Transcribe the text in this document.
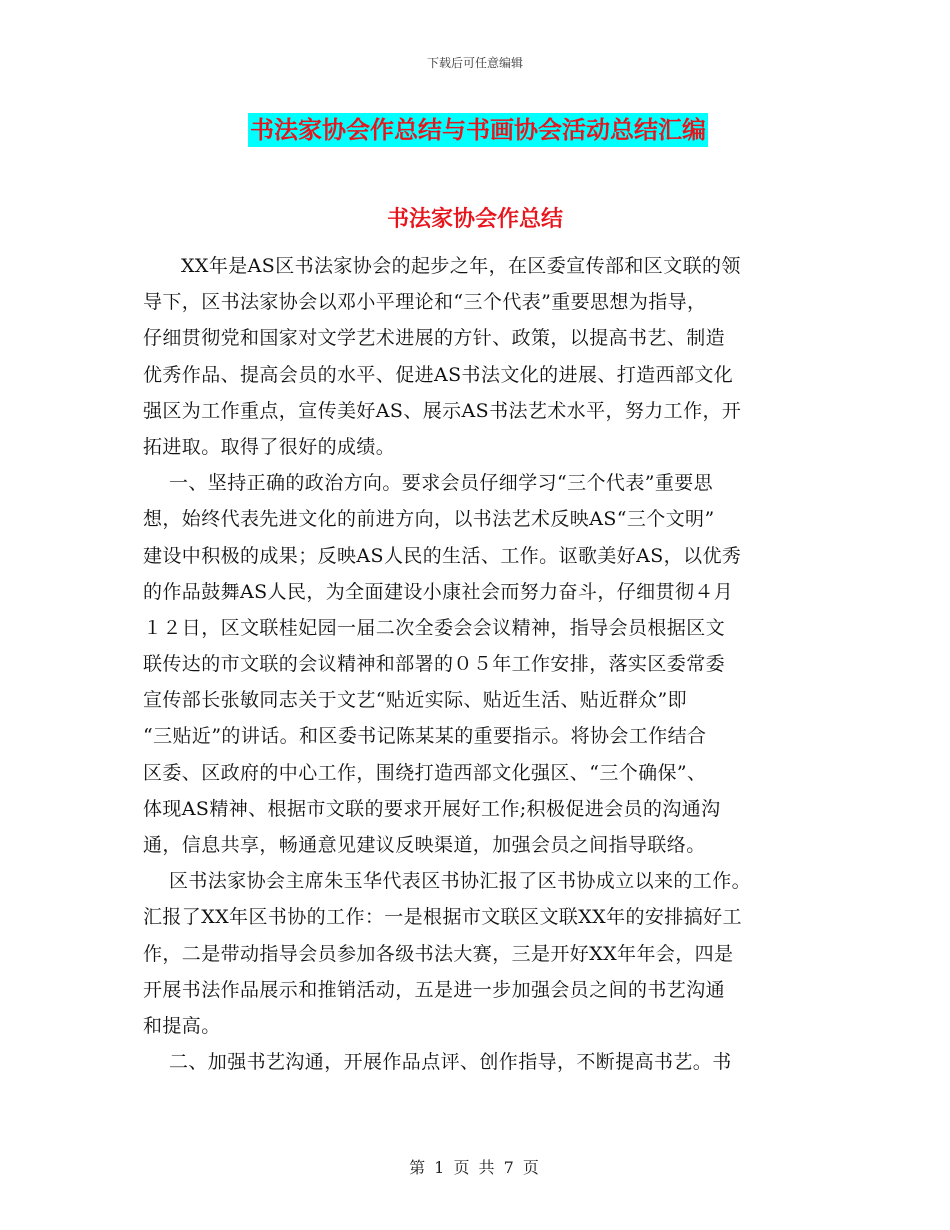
下载后可任意编辑
书法家协会作总结与书画协会活动总结汇编
书法家协会作总结
XX年是AS区书法家协会的起步之年，在区委宣传部和区文联的领
导下，区书法家协会以邓小平理论和“三个代表”重要思想为指导，
仔细贯彻党和国家对文学艺术进展的方针、政策，以提高书艺、制造
优秀作品、提高会员的水平、促进AS书法文化的进展、打造西部文化
强区为工作重点，宣传美好AS、展示AS书法艺术水平，努力工作，开
拓进取。取得了很好的成绩。
一、坚持正确的政治方向。要求会员仔细学习“三个代表”重要思
想，始终代表先进文化的前进方向，以书法艺术反映AS“三个文明”
建设中积极的成果；反映AS人民的生活、工作。讴歌美好AS，以优秀
的作品鼓舞AS人民，为全面建设小康社会而努力奋斗，仔细贯彻４月
１２日，区文联桂妃园一届二次全委会会议精神，指导会员根据区文
联传达的市文联的会议精神和部署的０５年工作安排，落实区委常委
宣传部长张敏同志关于文艺“贴近实际、贴近生活、贴近群众”即
“三贴近”的讲话。和区委书记陈某某的重要指示。将协会工作结合
区委、区政府的中心工作，围绕打造西部文化强区、“三个确保”、
体现AS精神、根据市文联的要求开展好工作;积极促进会员的沟通沟
通，信息共享，畅通意见建议反映渠道，加强会员之间指导联络。
区书法家协会主席朱玉华代表区书协汇报了区书协成立以来的工作。
汇报了XX年区书协的工作：一是根据市文联区文联XX年的安排搞好工
作，二是带动指导会员参加各级书法大赛，三是开好XX年年会，四是
开展书法作品展示和推销活动，五是进一步加强会员之间的书艺沟通
和提高。
二、加强书艺沟通，开展作品点评、创作指导，不断提高书艺。书
第 1 页 共 7 页
